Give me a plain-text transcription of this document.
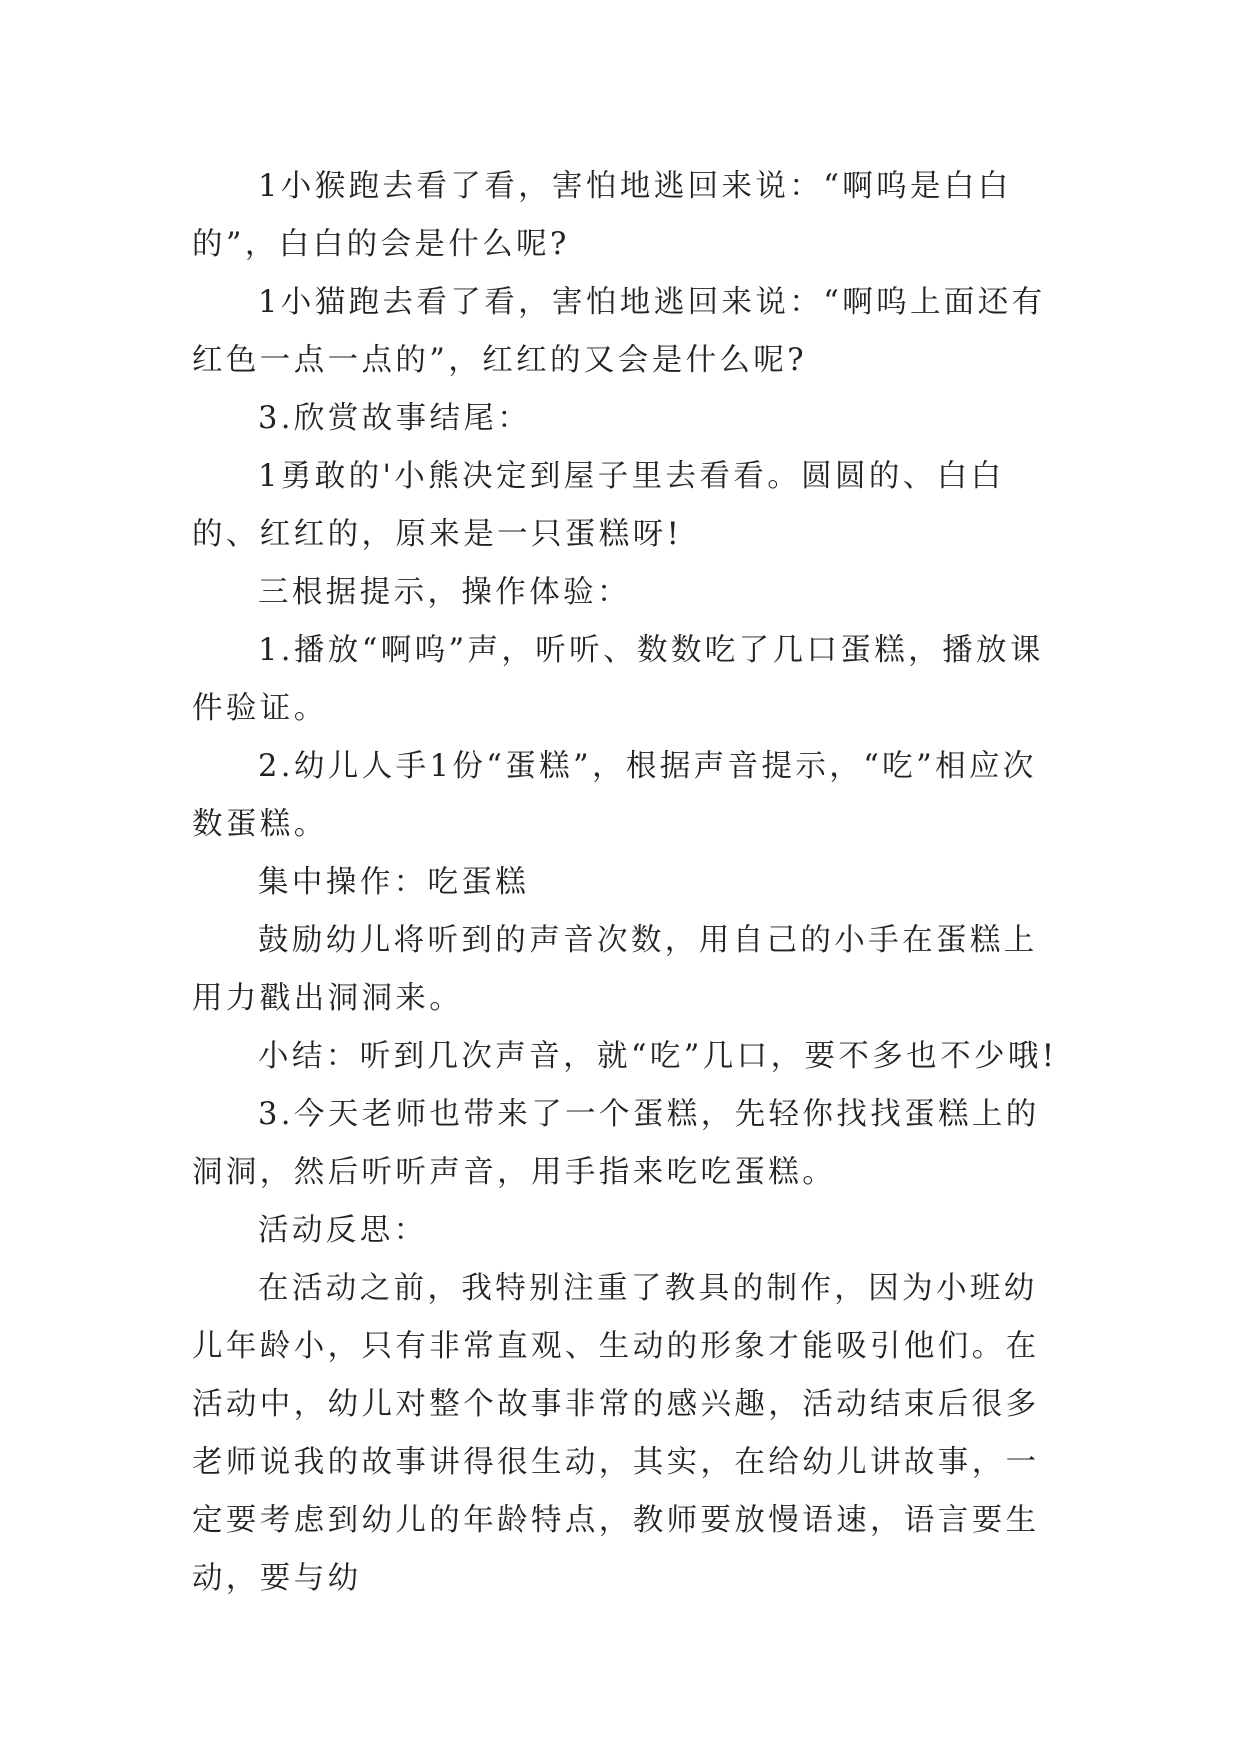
1小猴跑去看了看，害怕地逃回来说：“啊呜是白白的”，白白的会是什么呢?

1小猫跑去看了看，害怕地逃回来说：“啊呜上面还有红色一点一点的”，红红的又会是什么呢?

3.欣赏故事结尾：

1勇敢的'小熊决定到屋子里去看看。圆圆的、白白的、红红的，原来是一只蛋糕呀!

三根据提示，操作体验：

1.播放“啊呜”声，听听、数数吃了几口蛋糕，播放课件验证。

2.幼儿人手1份“蛋糕”，根据声音提示，“吃”相应次数蛋糕。

集中操作：吃蛋糕

鼓励幼儿将听到的声音次数，用自己的小手在蛋糕上用力戳出洞洞来。

小结：听到几次声音，就“吃”几口，要不多也不少哦!

3.今天老师也带来了一个蛋糕，先轻你找找蛋糕上的洞洞，然后听听声音，用手指来吃吃蛋糕。

活动反思：

在活动之前，我特别注重了教具的制作，因为小班幼儿年龄小，只有非常直观、生动的形象才能吸引他们。在活动中，幼儿对整个故事非常的感兴趣，活动结束后很多老师说我的故事讲得很生动，其实，在给幼儿讲故事，一定要考虑到幼儿的年龄特点，教师要放慢语速，语言要生动，要与幼
